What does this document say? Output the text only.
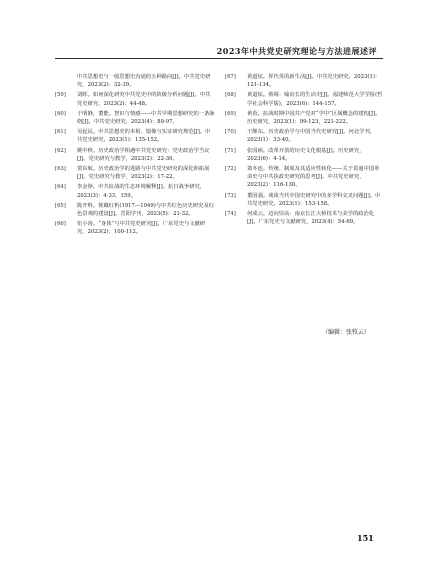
2023年中共党史研究理论与方法进展述评
中共思想史与一般思想史沟通的五种路向[J]。中共党史研究，2023(2)：32-39。
[59]	刘晖。如何深化研究中共党史中的阶级分析问题[J]。中共党史研究，2023(2)：44-48。
[60]	于明静，董能。智识与情感——中共早期思想研究的一条脉络[J]。中共党史研究，2023(4)：89-97。
[61]	吴起民。中共思想史的本相、镜像与实证研究规范[J]。中共党史研究，2023(1)：135-152。
[62]	姚中秋。历史政治学相遇中共党史研究：党史政治学当议[J]。党史研究与教学，2023(2)：22-30。
[63]	贺东航。历史政治学的进路与中共党史研究的深化和拓展[J]。党史研究与教学，2023(2)：17-22。
[64]	李金铮。中共抗战的生态环境解释[J]。抗日战争研究，2023(3)：4-33，159。
[65]	陈开科。彼藏红析(1917—1949)与中共红色历史研究及红色景观的建设[J]。晋阳学刊，2023(5)：21-32。
[66]	伍小涛。“身体”与中共党史研究[J]。广东党史与文献研究，2023(2)：100-112。
[67]	黄道炫。挥代英的新生活[J]。中共党史研究，2023(1)：121-134。
[68]	黄道炫。蔡幂：喻谊长的生活史[J]。福建师范大学学报(哲学社会科学版)，2023(6)：144-157。
[69]	黄蓓。抗战时期中国共产党对“学中”区域概念的建构[J]。历史研究，2023(1)：99-123，221-222。
[70]	王继东。历史政治学与中国当代史研究[J]。河北学刊，2023(1)：33-40。
[71]	张国祯。改革开放的历史文化根基[J]。历史研究，2023(6)：4-14。
[72]	萧冬连。传统、制度及其适应性转化——关于贯通中国革命史与中共执政史研究的思考[J]。中共党史研究，2023(2)：116-130。
[73]	董国强。谈谈当代中国史研究中的多学科交叉问题[J]。中共党史研究，2023(1)：153-158。
[74]	何成云。迈向崇高：南京长江大桥技术与美学的政治化[J]。广东党史与文献研究，2023(4)：54-69。
（编辑：张牧云）
151
